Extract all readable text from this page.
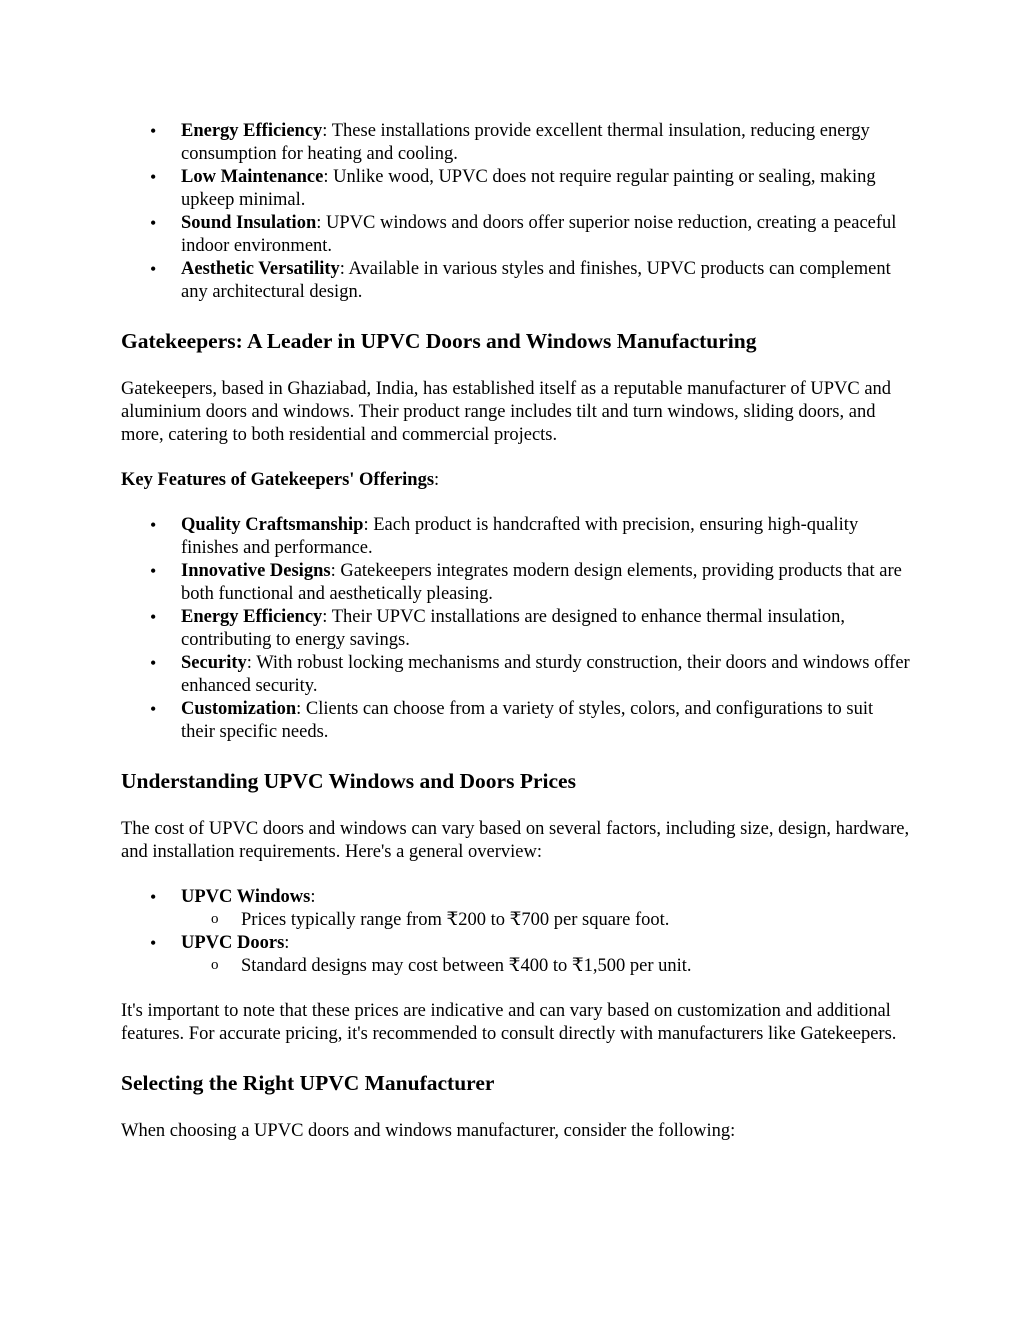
• Energy Efficiency: These installations provide excellent thermal insulation, reducing energy consumption for heating and cooling.
• Low Maintenance: Unlike wood, UPVC does not require regular painting or sealing, making upkeep minimal.
• Sound Insulation: UPVC windows and doors offer superior noise reduction, creating a peaceful indoor environment.
• Aesthetic Versatility: Available in various styles and finishes, UPVC products can complement any architectural design.
Gatekeepers: A Leader in UPVC Doors and Windows Manufacturing

Gatekeepers, based in Ghaziabad, India, has established itself as a reputable manufacturer of UPVC and aluminium doors and windows. Their product range includes tilt and turn windows, sliding doors, and more, catering to both residential and commercial projects.

Key Features of Gatekeepers' Offerings:

• Quality Craftsmanship: Each product is handcrafted with precision, ensuring high-quality finishes and performance.
• Innovative Designs: Gatekeepers integrates modern design elements, providing products that are both functional and aesthetically pleasing.
• Energy Efficiency: Their UPVC installations are designed to enhance thermal insulation, contributing to energy savings.
• Security: With robust locking mechanisms and sturdy construction, their doors and windows offer enhanced security.
• Customization: Clients can choose from a variety of styles, colors, and configurations to suit their specific needs.
Understanding UPVC Windows and Doors Prices

The cost of UPVC doors and windows can vary based on several factors, including size, design, hardware, and installation requirements. Here's a general overview:

• UPVC Windows:
o Prices typically range from ₹200 to ₹700 per square foot.
• UPVC Doors:
o Standard designs may cost between ₹400 to ₹1,500 per unit.

It's important to note that these prices are indicative and can vary based on customization and additional features. For accurate pricing, it's recommended to consult directly with manufacturers like Gatekeepers.

Selecting the Right UPVC Manufacturer

When choosing a UPVC doors and windows manufacturer, consider the following:
